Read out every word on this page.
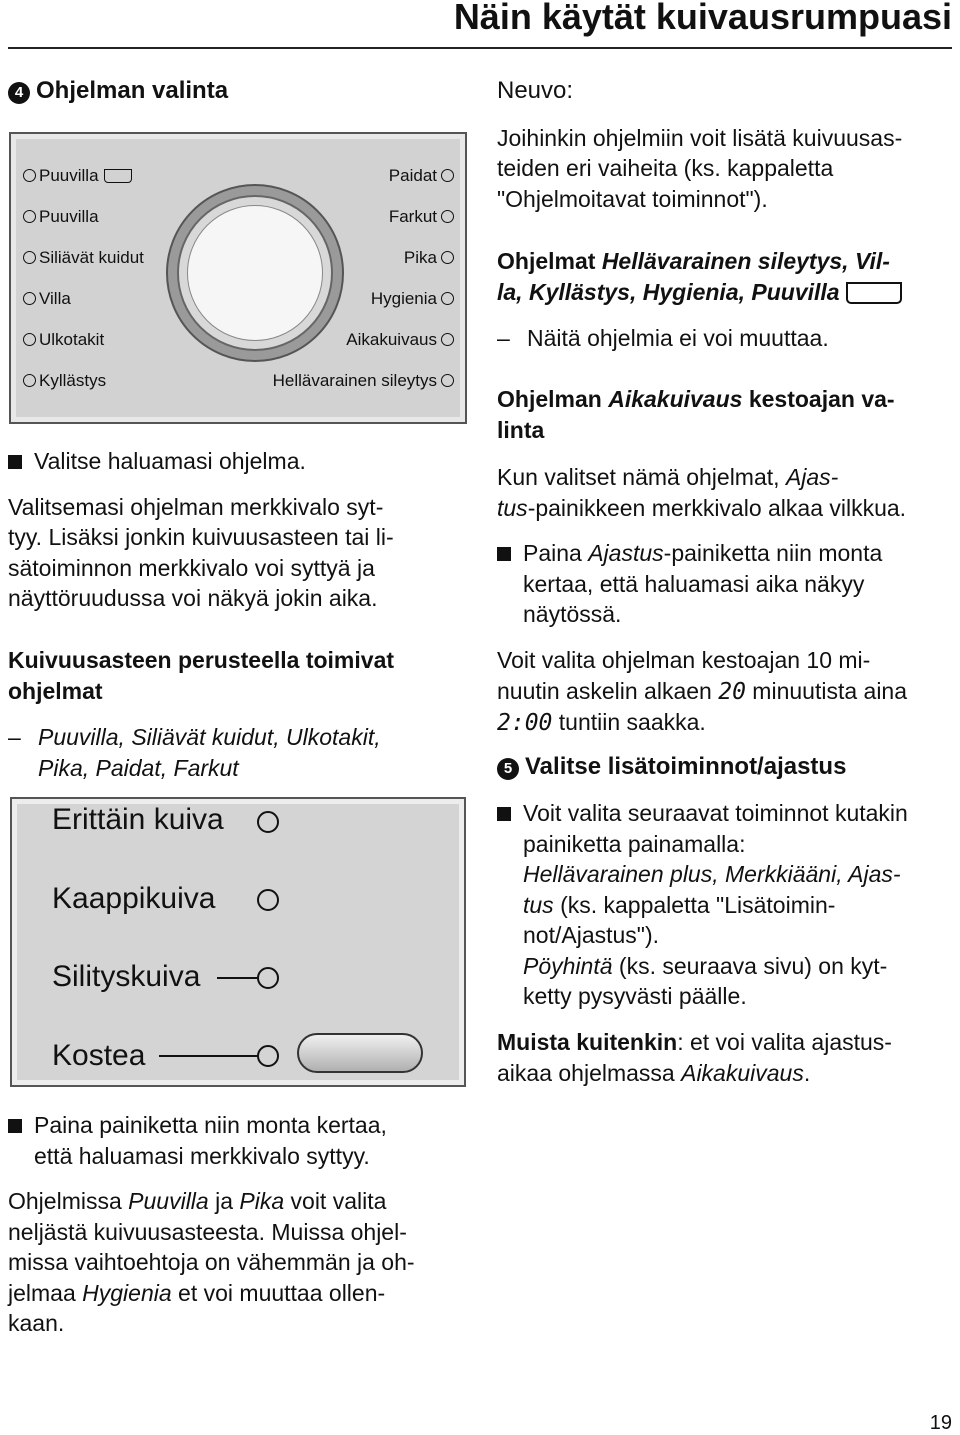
Näin käytät kuivausrumpuasi

4 Ohjelman valinta

Puuvilla
Puuvilla
Siliävät kuidut
Villa
Ulkotakit
Kyllästys
Paidat
Farkut
Pika
Hygienia
Aikakuivaus
Hellävarainen sileytys

Valitse haluamasi ohjelma.

Valitsemasi ohjelman merkkivalo syt-

tyy. Lisäksi jonkin kuivuusasteen tai li-

sätoiminnon merkkivalo voi syttyä ja

näyttöruudussa voi näkyä jokin aika.

Kuivuusasteen perusteella toimivat

ohjelmat

– Puuvilla, Siliävät kuidut, Ulkotakit,

Pika, Paidat, Farkut

Erittäin kuiva
Kaappikuiva
Silityskuiva
Kostea

Paina painiketta niin monta kertaa,

että haluamasi merkkivalo syttyy.

Ohjelmissa Puuvilla ja Pika voit valita

neljästä kuivuusasteesta. Muissa ohjel-

missa vaihtoehtoja on vähemmän ja oh-

jelmaa Hygienia et voi muuttaa ollen-

kaan.

Neuvo:

Joihinkin ohjelmiin voit lisätä kuivuusas-

teiden eri vaiheita (ks. kappaletta

"Ohjelmoitavat toiminnot").

Ohjelmat Hellävarainen sileytys, Vil-

la, Kyllästys, Hygienia, Puuvilla

– Näitä ohjelmia ei voi muuttaa.

Ohjelman Aikakuivaus kestoajan va-

linta

Kun valitset nämä ohjelmat, Ajas-

tus-painikkeen merkkivalo alkaa vilkkua.

Paina Ajastus-painiketta niin monta

kertaa, että haluamasi aika näkyy

näytössä.

Voit valita ohjelman kestoajan 10 mi-

nuutin askelin alkaen 20 minuutista aina

2:00 tuntiin saakka.

5 Valitse lisätoiminnot/ajastus

Voit valita seuraavat toiminnot kutakin

painiketta painamalla:

Hellävarainen plus, Merkkiääni, Ajas-

tus (ks. kappaletta "Lisätoimin-

not/Ajastus").

Pöyhintä (ks. seuraava sivu) on kyt-

ketty pysyvästi päälle.

Muista kuitenkin: et voi valita ajastus-

aikaa ohjelmassa Aikakuivaus.

19
